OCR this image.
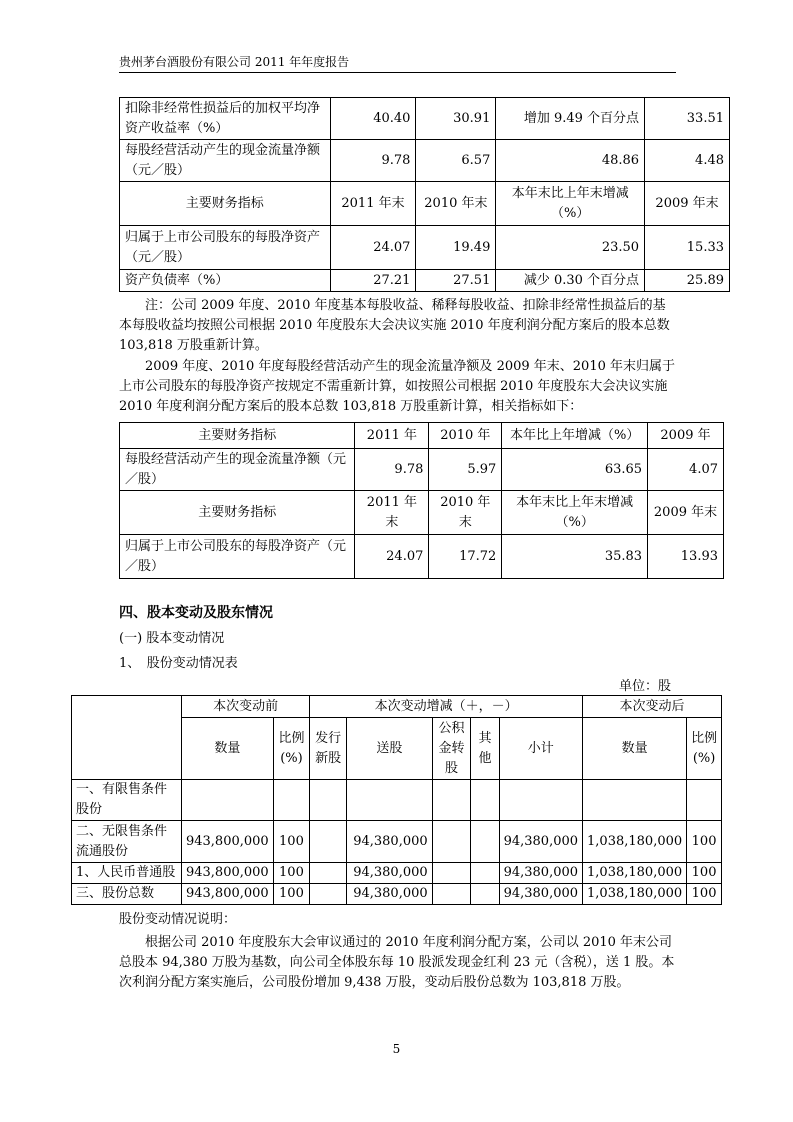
贵州茅台酒股份有限公司 2011 年年度报告
扣除非经常性损益后的加权平均净资产收益率（%）	40.40	30.91	增加 9.49 个百分点	33.51
每股经营活动产生的现金流量净额（元／股）	9.78	6.57	48.86	4.48
主要财务指标	2011 年末	2010 年末	本年末比上年末增减（%）	2009 年末
归属于上市公司股东的每股净资产（元／股）	24.07	19.49	23.50	15.33
资产负债率（%）	27.21	27.51	减少 0.30 个百分点	25.89

注：公司 2009 年度、2010 年度基本每股收益、稀释每股收益、扣除非经常性损益后的基本每股收益均按照公司根据 2010 年度股东大会决议实施 2010 年度利润分配方案后的股本总数 103,818 万股重新计算。

2009 年度、2010 年度每股经营活动产生的现金流量净额及 2009 年末、2010 年末归属于上市公司股东的每股净资产按规定不需重新计算，如按照公司根据 2010 年度股东大会决议实施 2010 年度利润分配方案后的股本总数 103,818 万股重新计算，相关指标如下：

主要财务指标	2011 年	2010 年	本年比上年增减（%）	2009 年
每股经营活动产生的现金流量净额（元／股）	9.78	5.97	63.65	4.07
主要财务指标	2011 年末	2010 年末	本年末比上年末增减（%）	2009 年末
归属于上市公司股东的每股净资产（元／股）	24.07	17.72	35.83	13.93
四、股本变动及股东情况
(一) 股本变动情况
1、　股份变动情况表
单位：股
	本次变动前		本次变动增减（＋，－）					本次变动后	
	数量	比例(%)	发行新股	送股	公积金转股	其他	小计	数量	比例(%)
一、有限售条件股份									
二、无限售条件流通股份	943,800,000	100		94,380,000			94,380,000	1,038,180,000	100
1、人民币普通股	943,800,000	100		94,380,000			94,380,000	1,038,180,000	100
三、股份总数	943,800,000	100		94,380,000			94,380,000	1,038,180,000	100
股份变动情况说明：

根据公司 2010 年度股东大会审议通过的 2010 年度利润分配方案，公司以 2010 年末公司总股本 94,380 万股为基数，向公司全体股东每 10 股派发现金红利 23 元（含税），送 1 股。本次利润分配方案实施后，公司股份增加 9,438 万股，变动后股份总数为 103,818 万股。

5
